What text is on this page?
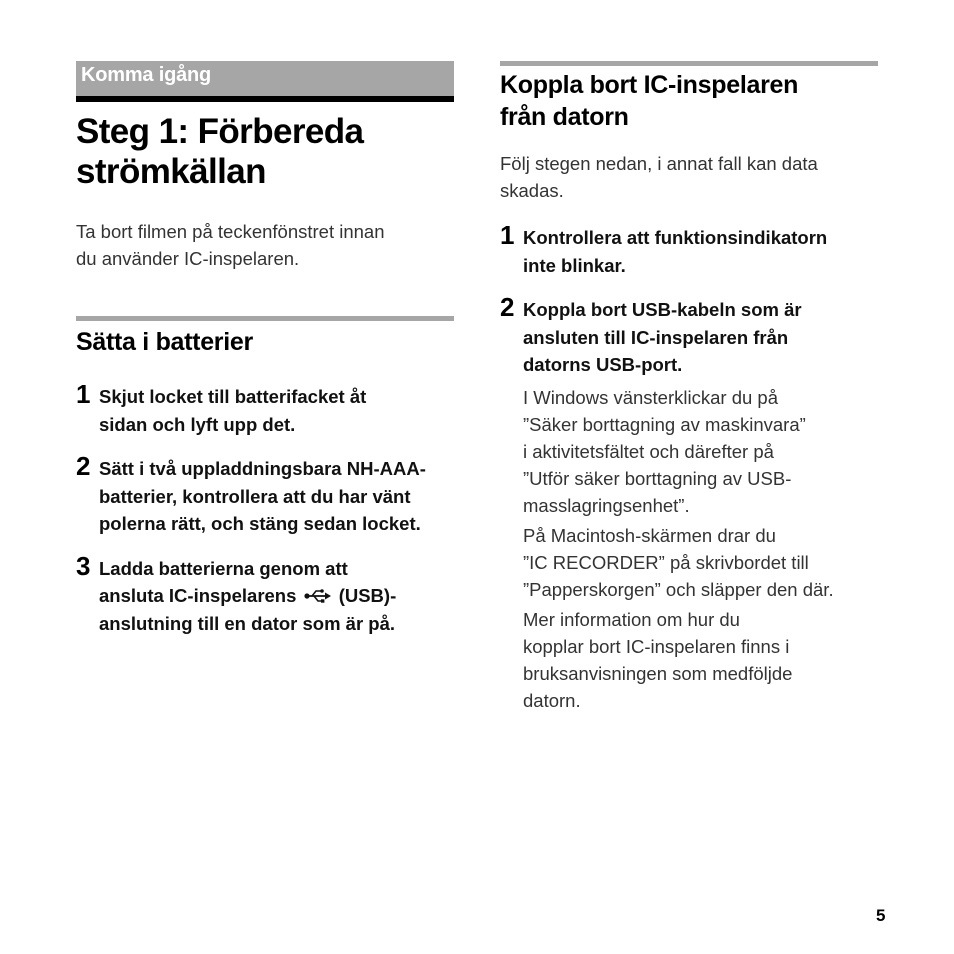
Komma igång
Steg 1: Förbereda
strömkällan
Ta bort filmen på teckenfönstret innan
du använder IC-inspelaren.
Sätta i batterier
1 Skjut locket till batterifacket åt
sidan och lyft upp det.
2 Sätt i två uppladdningsbara NH-AAA-
batterier, kontrollera att du har vänt
polerna rätt, och stäng sedan locket.
3 Ladda batterierna genom att
ansluta IC-inspelarens (USB)-
anslutning till en dator som är på.
Koppla bort IC-inspelaren
från datorn
Följ stegen nedan, i annat fall kan data
skadas.
1 Kontrollera att funktionsindikatorn
inte blinkar.
2 Koppla bort USB-kabeln som är
ansluten till IC-inspelaren från
datorns USB-port.
I Windows vänsterklickar du på
”Säker borttagning av maskinvara”
i aktivitetsfältet och därefter på
”Utför säker borttagning av USB-
masslagringsenhet”.
På Macintosh-skärmen drar du
”IC RECORDER” på skrivbordet till
”Papperskorgen” och släpper den där.
Mer information om hur du
kopplar bort IC-inspelaren finns i
bruksanvisningen som medföljde
datorn.
5
